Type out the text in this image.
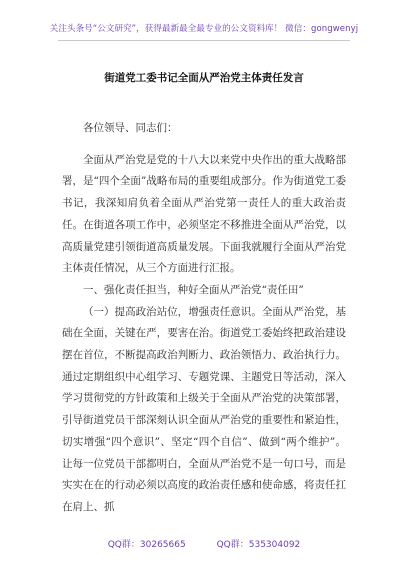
关注头条号“公文研究”，获得最新最全最专业的公文资料库！ 微信：gongwenyj
街道党工委书记全面从严治党主体责任发言

各位领导、同志们：

全面从严治党是党的十八大以来党中央作出的重大战略部署，是“四个全面”战略布局的重要组成部分。作为街道党工委书记，我深知肩负着全面从严治党第一责任人的重大政治责任。在街道各项工作中，必须坚定不移推进全面从严治党，以高质量党建引领街道高质量发展。下面我就履行全面从严治党主体责任情况，从三个方面进行汇报。

一、强化责任担当，种好全面从严治党“责任田”

（一）提高政治站位，增强责任意识。全面从严治党，基础在全面，关键在严，要害在治。街道党工委始终把政治建设摆在首位，不断提高政治判断力、政治领悟力、政治执行力。通过定期组织中心组学习、专题党课、主题党日等活动，深入学习贯彻党的方针政策和上级关于全面从严治党的决策部署，引导街道党员干部深刻认识全面从严治党的重要性和紧迫性，切实增强“四个意识”、坚定“四个自信”、做到“两个维护”。让每一位党员干部都明白，全面从严治党不是一句口号，而是实实在在的行动必须以高度的政治责任感和使命感，将责任扛在肩上、抓

QQ群：30265665	QQ群：535304092
